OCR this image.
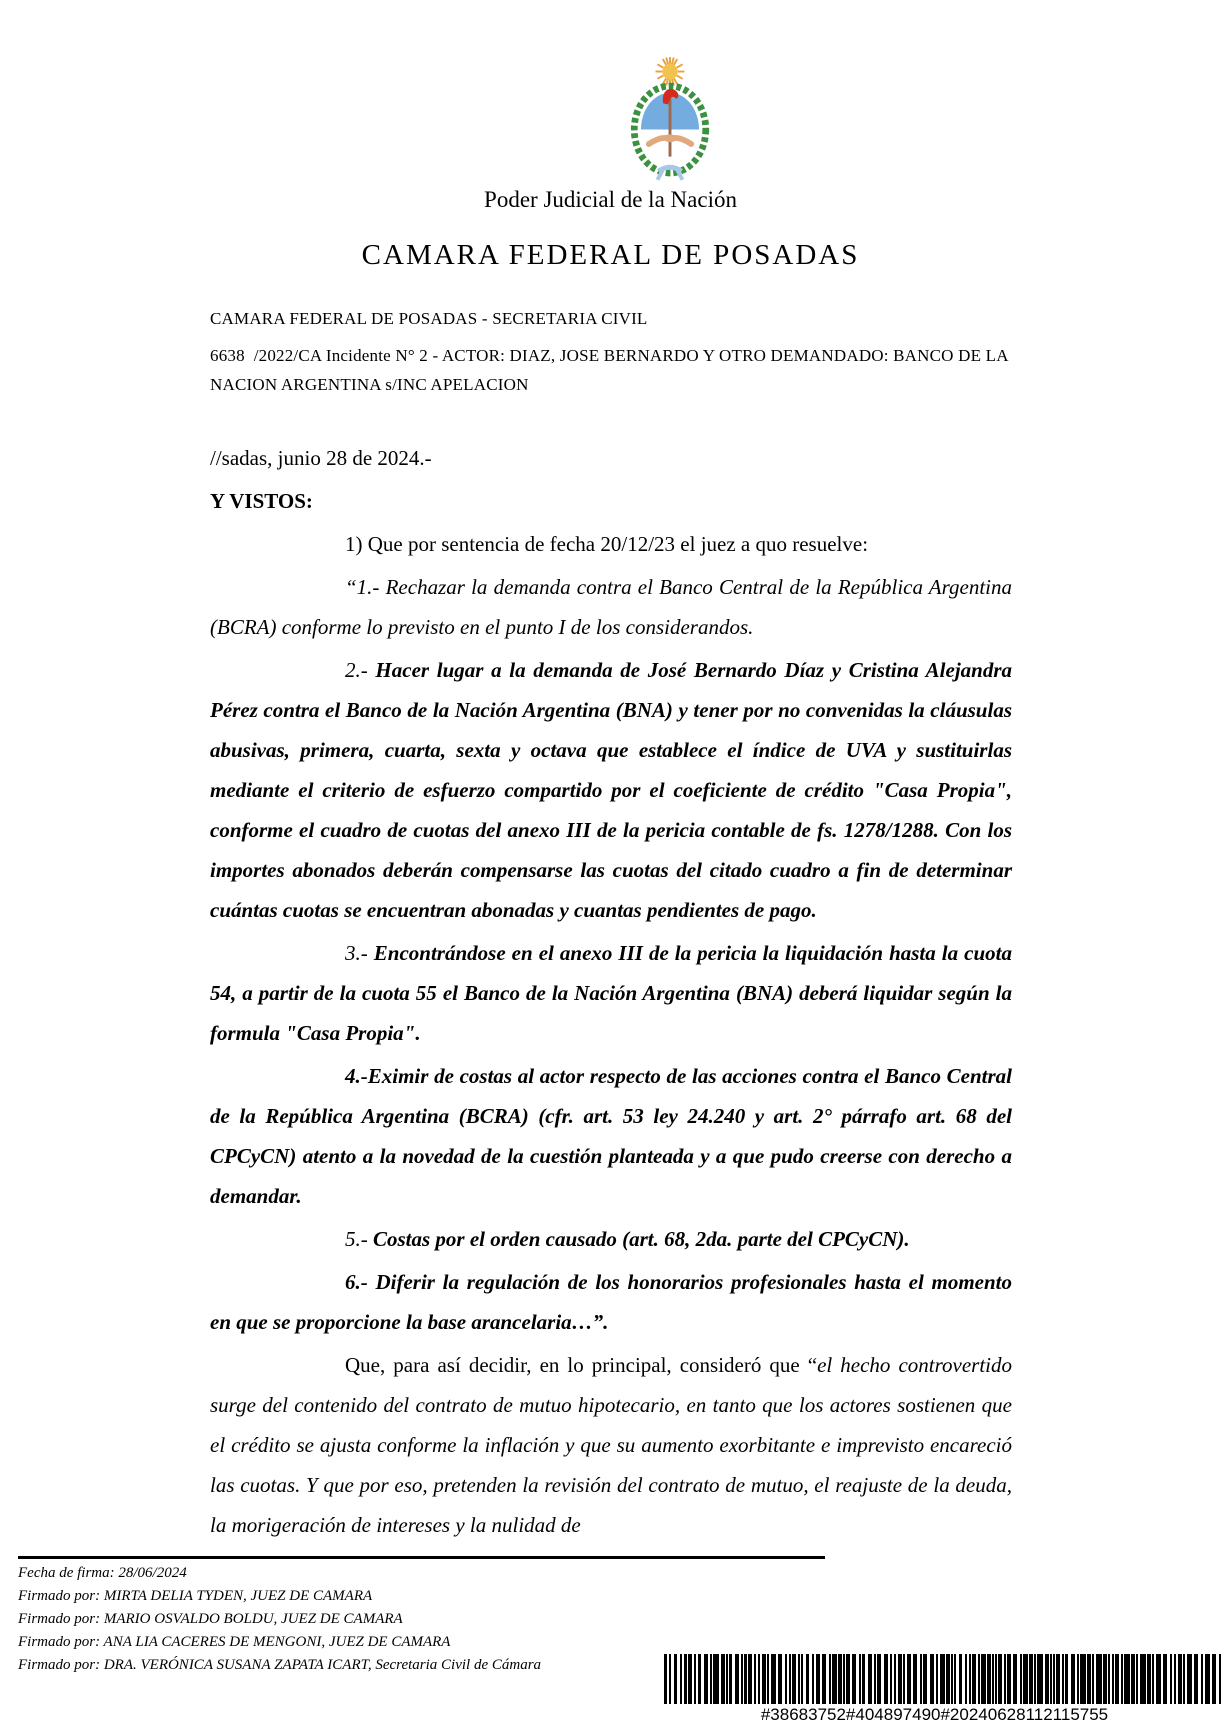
Poder Judicial de la Nación
CAMARA FEDERAL DE POSADAS
CAMARA FEDERAL DE POSADAS - SECRETARIA CIVIL
6638  /2022/CA Incidente N° 2 - ACTOR: DIAZ, JOSE BERNARDO Y OTRO DEMANDADO: BANCO DE LA NACION ARGENTINA s/INC APELACION

//sadas, junio 28 de 2024.-

Y VISTOS:

1) Que por sentencia de fecha 20/12/23 el juez a quo resuelve:

“1.- Rechazar la demanda contra el Banco Central de la República Argentina (BCRA) conforme lo previsto en el punto I de los considerandos.

2.- Hacer lugar a la demanda de José Bernardo Díaz y Cristina Alejandra Pérez contra el Banco de la Nación Argentina (BNA) y tener por no convenidas la cláusulas abusivas, primera, cuarta, sexta y octava que establece el índice de UVA y sustituirlas mediante el criterio de esfuerzo compartido por el coeficiente de crédito "Casa Propia", conforme el cuadro de cuotas del anexo III de la pericia contable de fs. 1278/1288. Con los importes abonados deberán compensarse las cuotas del citado cuadro a fin de determinar cuántas cuotas se encuentran abonadas y cuantas pendientes de pago.

3.- Encontrándose en el anexo III de la pericia la liquidación hasta la cuota 54, a partir de la cuota 55 el Banco de la Nación Argentina (BNA) deberá liquidar según la formula "Casa Propia".

4.-Eximir de costas al actor respecto de las acciones contra el Banco Central de la República Argentina (BCRA) (cfr. art. 53 ley 24.240 y art. 2° párrafo art. 68 del CPCyCN) atento a la novedad de la cuestión planteada y a que pudo creerse con derecho a demandar.

5.- Costas por el orden causado (art. 68, 2da. parte del CPCyCN).

6.- Diferir la regulación de los honorarios profesionales hasta el momento en que se proporcione la base arancelaria…”.

Que, para así decidir, en lo principal, consideró que “el hecho controvertido surge del contenido del contrato de mutuo hipotecario, en tanto que los actores sostienen que el crédito se ajusta conforme la inflación y que su aumento exorbitante e imprevisto encareció las cuotas. Y que por eso, pretenden la revisión del contrato de mutuo, el reajuste de la deuda, la morigeración de intereses y la nulidad de

Fecha de firma: 28/06/2024
Firmado por: MIRTA DELIA TYDEN, JUEZ DE CAMARA
Firmado por: MARIO OSVALDO BOLDU, JUEZ DE CAMARA
Firmado por: ANA LIA CACERES DE MENGONI, JUEZ DE CAMARA
Firmado por: DRA. VERÓNICA SUSANA ZAPATA ICART, Secretaria Civil de Cámara
#38683752#404897490#20240628112115755
